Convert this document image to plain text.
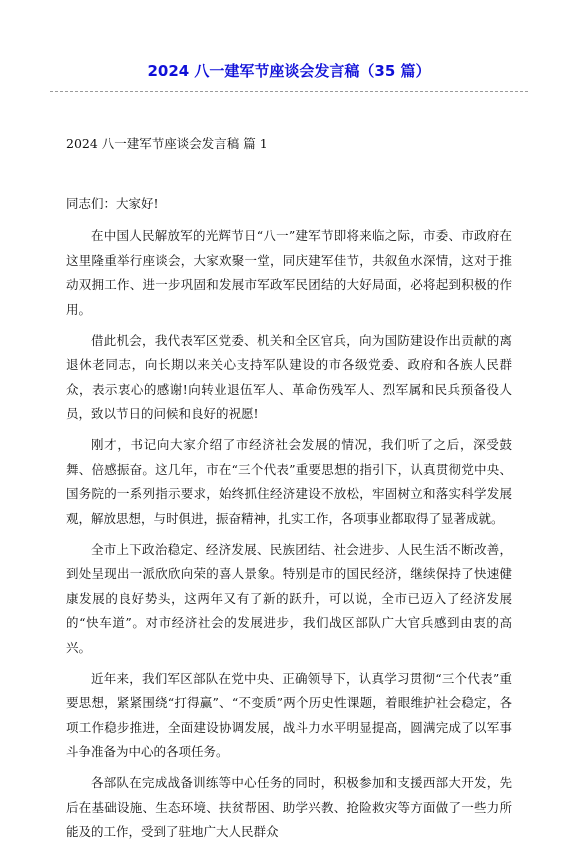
2024 八一建军节座谈会发言稿（35 篇）
2024 八一建军节座谈会发言稿 篇 1
同志们：大家好!

在中国人民解放军的光辉节日“八一”建军节即将来临之际，市委、市政府在这里隆重举行座谈会，大家欢聚一堂，同庆建军佳节，共叙鱼水深情，这对于推动双拥工作、进一步巩固和发展市军政军民团结的大好局面，必将起到积极的作用。

借此机会，我代表军区党委、机关和全区官兵，向为国防建设作出贡献的离退休老同志，向长期以来关心支持军队建设的市各级党委、政府和各族人民群众，表示衷心的感谢!向转业退伍军人、革命伤残军人、烈军属和民兵预备役人员，致以节日的问候和良好的祝愿!

刚才，书记向大家介绍了市经济社会发展的情况，我们听了之后，深受鼓舞、倍感振奋。这几年，市在“三个代表”重要思想的指引下，认真贯彻党中央、国务院的一系列指示要求，始终抓住经济建设不放松，牢固树立和落实科学发展观，解放思想，与时俱进，振奋精神，扎实工作，各项事业都取得了显著成就。

全市上下政治稳定、经济发展、民族团结、社会进步、人民生活不断改善，到处呈现出一派欣欣向荣的喜人景象。特别是市的国民经济，继续保持了快速健康发展的良好势头，这两年又有了新的跃升，可以说，全市已迈入了经济发展的“快车道”。对市经济社会的发展进步，我们战区部队广大官兵感到由衷的高兴。

近年来，我们军区部队在党中央、正确领导下，认真学习贯彻“三个代表”重要思想，紧紧围绕“打得赢”、“不变质”两个历史性课题，着眼维护社会稳定，各项工作稳步推进，全面建设协调发展，战斗力水平明显提高，圆满完成了以军事斗争准备为中心的各项任务。

各部队在完成战备训练等中心任务的同时，积极参加和支援西部大开发，先后在基础设施、生态环境、扶贫帮困、助学兴教、抢险救灾等方面做了一些力所能及的工作，受到了驻地广大人民群众
